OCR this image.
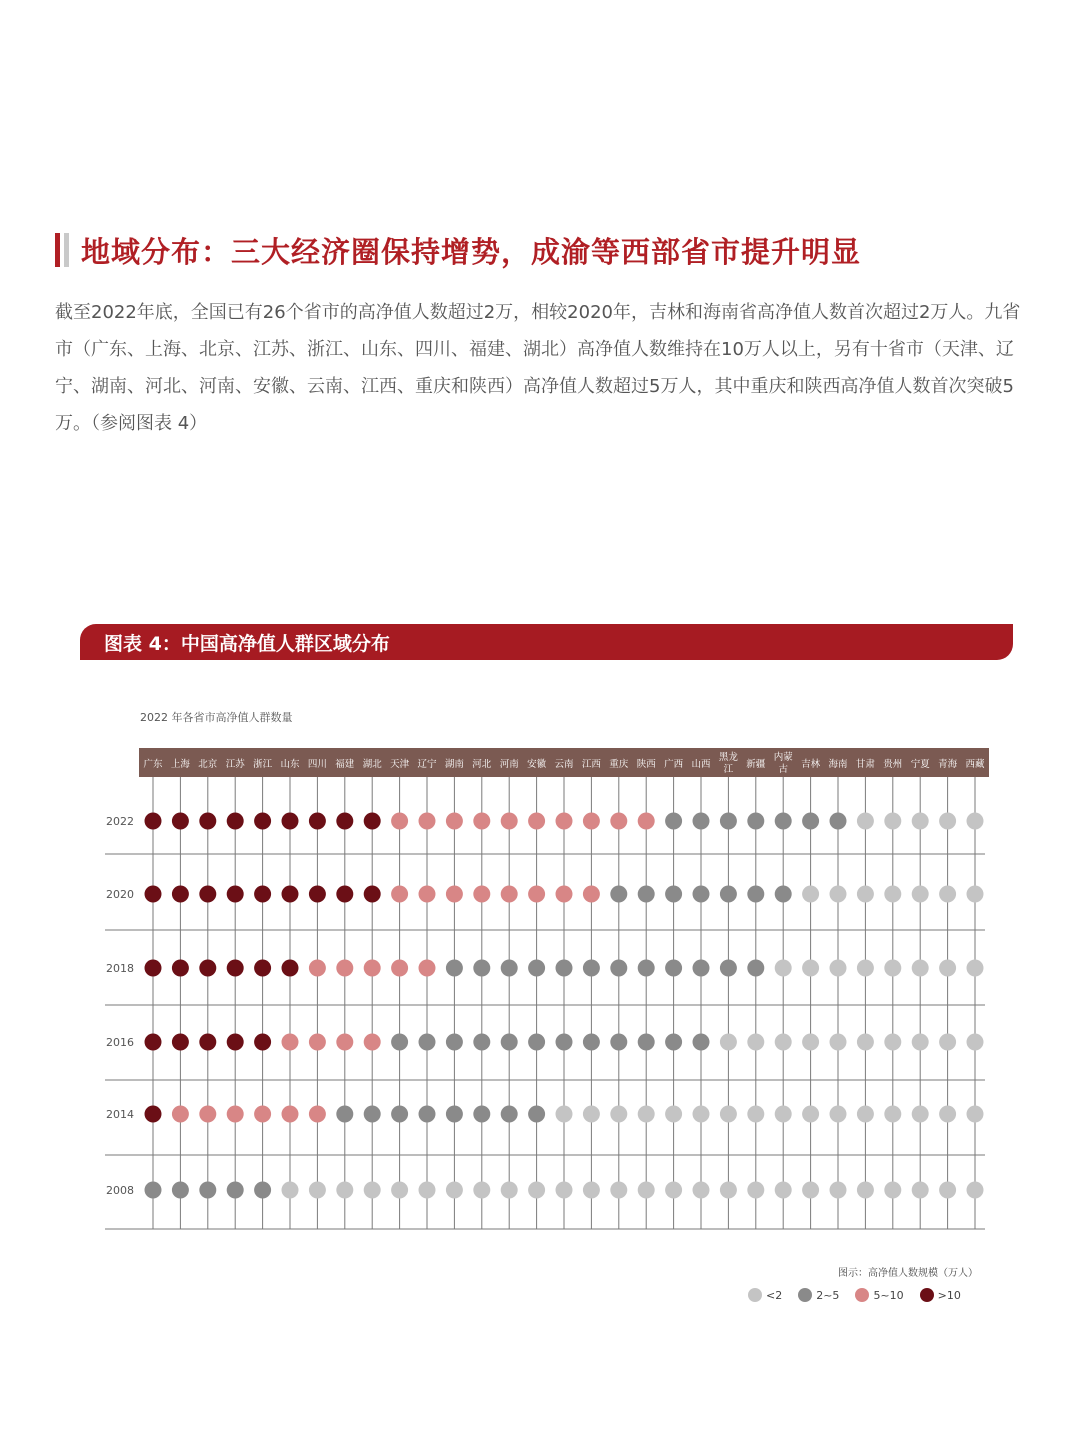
地域分布：三大经济圈保持增势，成渝等西部省市提升明显
截至2022年底，全国已有26个省市的高净值人数超过2万，相较2020年，吉林和海南省高净值人数首次超过2万人。九省市（广东、上海、北京、江苏、浙江、山东、四川、福建、湖北）高净值人数维持在10万人以上，另有十省市（天津、辽宁、湖南、河北、河南、安徽、云南、江西、重庆和陕西）高净值人数超过5万人，其中重庆和陕西高净值人数首次突破5万。（参阅图表 4）
图表 4：中国高净值人群区域分布
2022 年各省市高净值人群数量
广东 上海 北京 江苏 浙江 山东 四川 福建 湖北 天津 辽宁 湖南 河北 河南 安徽 云南 江西 重庆 陕西 广西 山西
黑龙江	新疆
内蒙古	吉林 海南 甘肃 贵州 宁夏 青海 西藏
2022
2020
2018
2016
2014
2008
图示：高净值人数规模（万人）
<2	2~5	5~10	>10
